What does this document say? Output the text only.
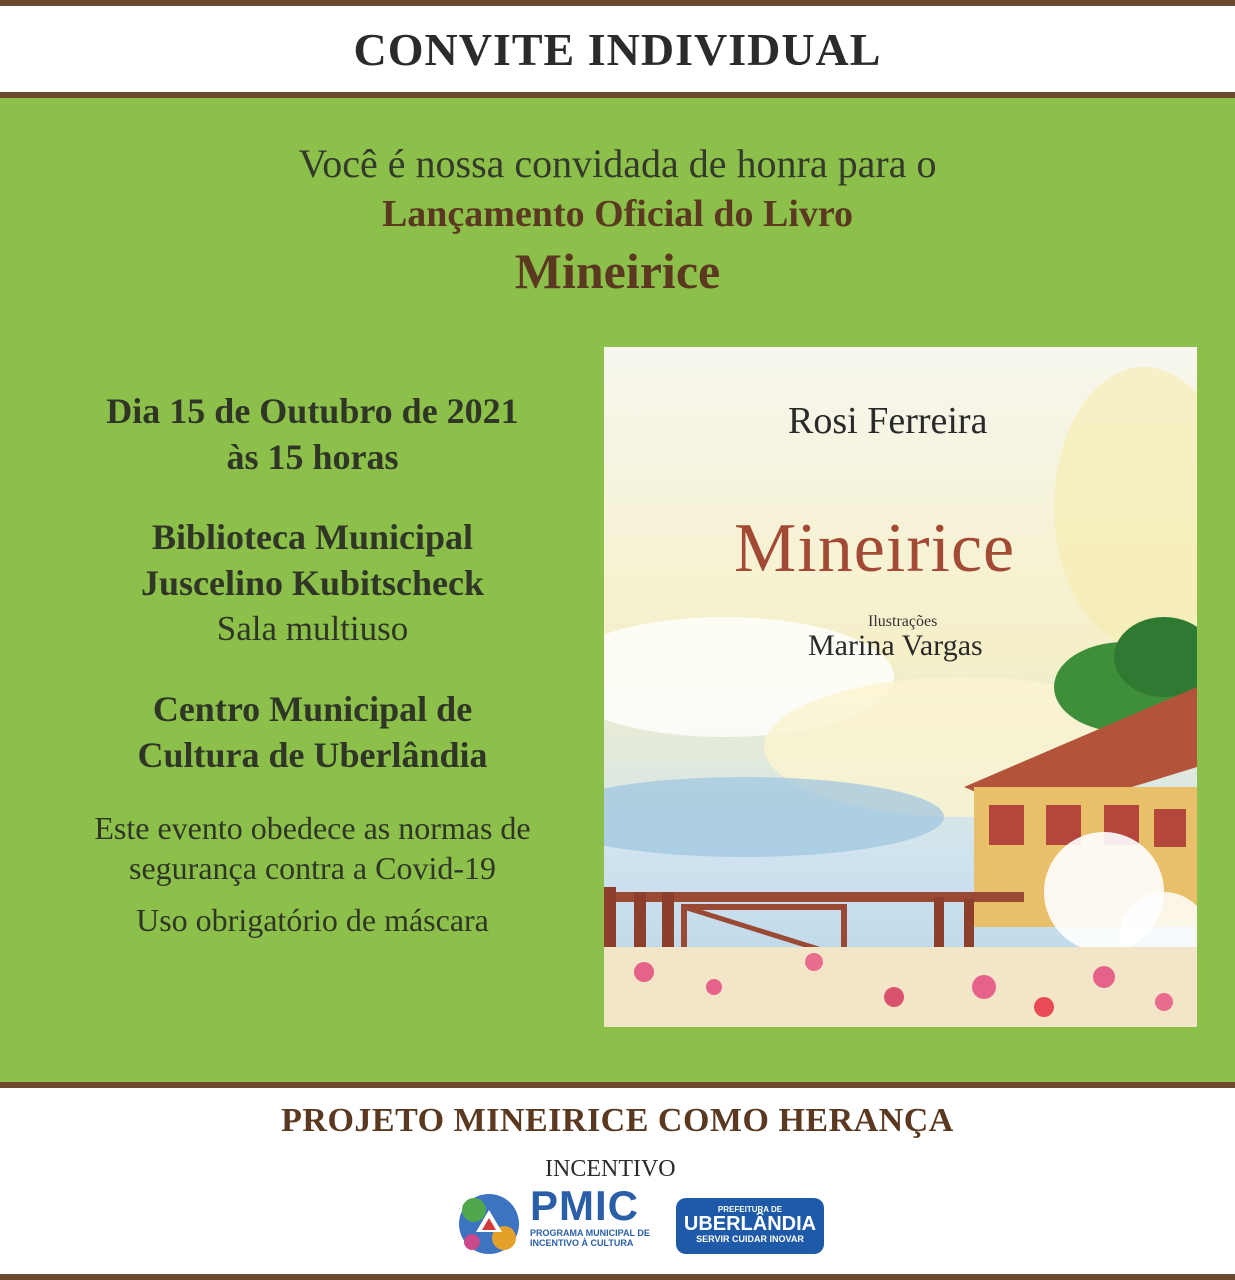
CONVITE INDIVIDUAL
Você é nossa convidada de honra para o
Lançamento Oficial do Livro
Mineirice
Dia 15 de Outubro de 2021
às 15 horas
Biblioteca Municipal
Juscelino Kubitscheck
Sala multiuso
Centro Municipal de
Cultura de Uberlândia
Este evento obedece as normas de
segurança contra a Covid-19
Uso obrigatório de máscara
Rosi Ferreira
Mineirice
Ilustrações
Marina Vargas
PROJETO MINEIRICE COMO HERANÇA
INCENTIVO
PMIC
PROGRAMA MUNICIPAL DE
INCENTIVO À CULTURA
PREFEITURA DE
UBERLÂNDIA
SERVIR CUIDAR INOVAR
